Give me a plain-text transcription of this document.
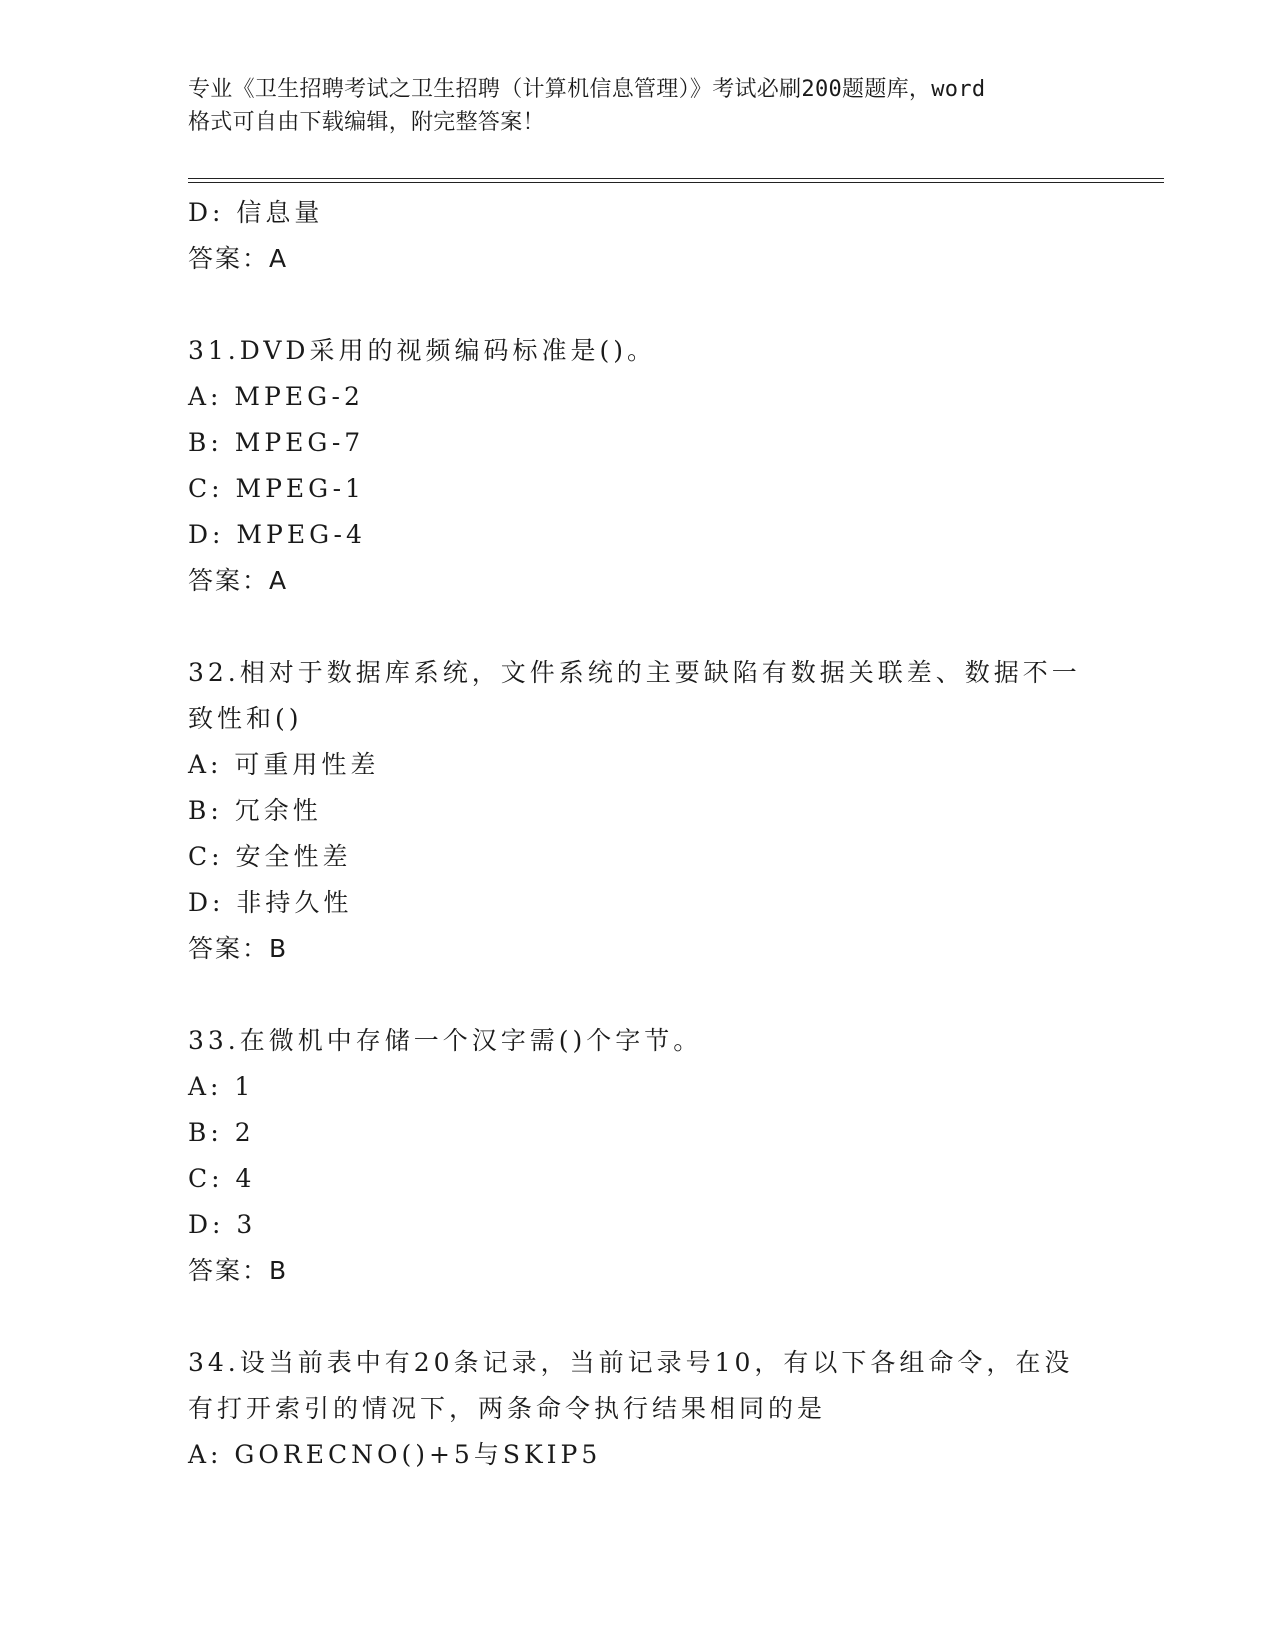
专业《卫生招聘考试之卫生招聘（计算机信息管理）》考试必刷200题题库，word
格式可自由下载编辑，附完整答案！
D: 信息量
答案：A
31.DVD采用的视频编码标准是()。
A: MPEG-2
B: MPEG-7
C: MPEG-1
D: MPEG-4
答案：A
32.相对于数据库系统，文件系统的主要缺陷有数据关联差、数据不一
致性和()
A: 可重用性差
B: 冗余性
C: 安全性差
D: 非持久性
答案：B
33.在微机中存储一个汉字需()个字节。
A: 1
B: 2
C: 4
D: 3
答案：B
34.设当前表中有20条记录，当前记录号10，有以下各组命令，在没
有打开索引的情况下，两条命令执行结果相同的是
A: GORECNO()+5与SKIP5
